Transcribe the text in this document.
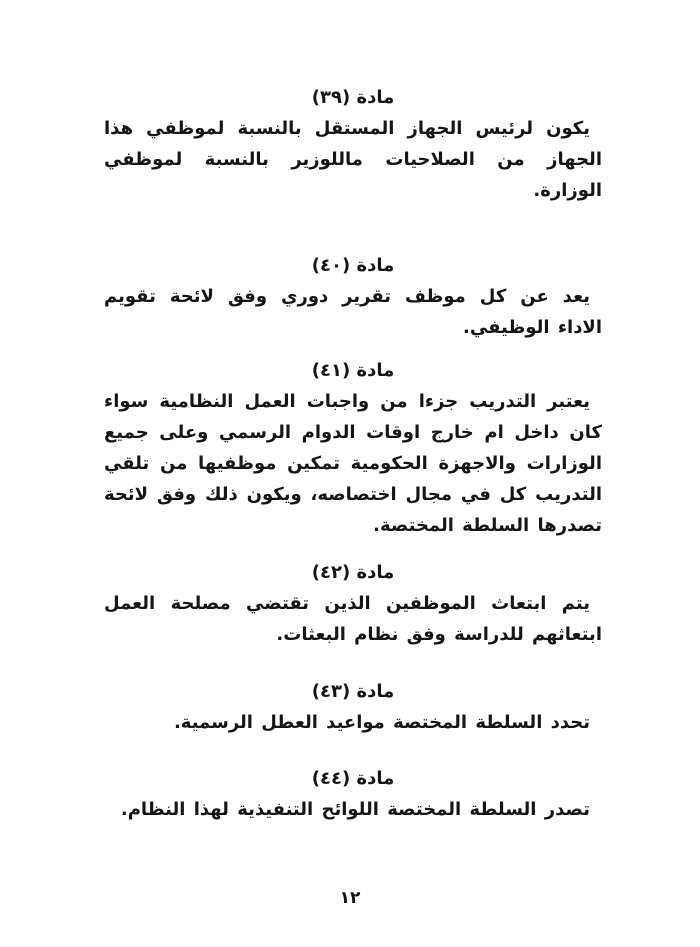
مادة (٣٩)

يكون لرئيس الجهاز المستقل بالنسبة لموظفي هذا الجهاز من الصلاحيات ماللوزير بالنسبة لموظفي الوزارة.

مادة (٤٠)

يعد عن كل موظف تقرير دوري وفق لائحة تقويم الاداء الوظيفي.

مادة (٤١)

يعتبر التدريب جزءا من واجبات العمل النظامية سواء كان داخل ام خارج اوقات الدوام الرسمي وعلى جميع الوزارات والاجهزة الحكومية تمكين موظفيها من تلقي التدريب كل في مجال اختصاصه، ويكون ذلك وفق لائحة تصدرها السلطة المختصة.

مادة (٤٢)

يتم ابتعاث الموظفين الذين تقتضي مصلحة العمل ابتعاثهم للدراسة وفق نظام البعثات.

مادة (٤٣)

تحدد السلطة المختصة مواعيد العطل الرسمية.

مادة (٤٤)

تصدر السلطة المختصة اللوائح التنفيذية لهذا النظام.

١٢
